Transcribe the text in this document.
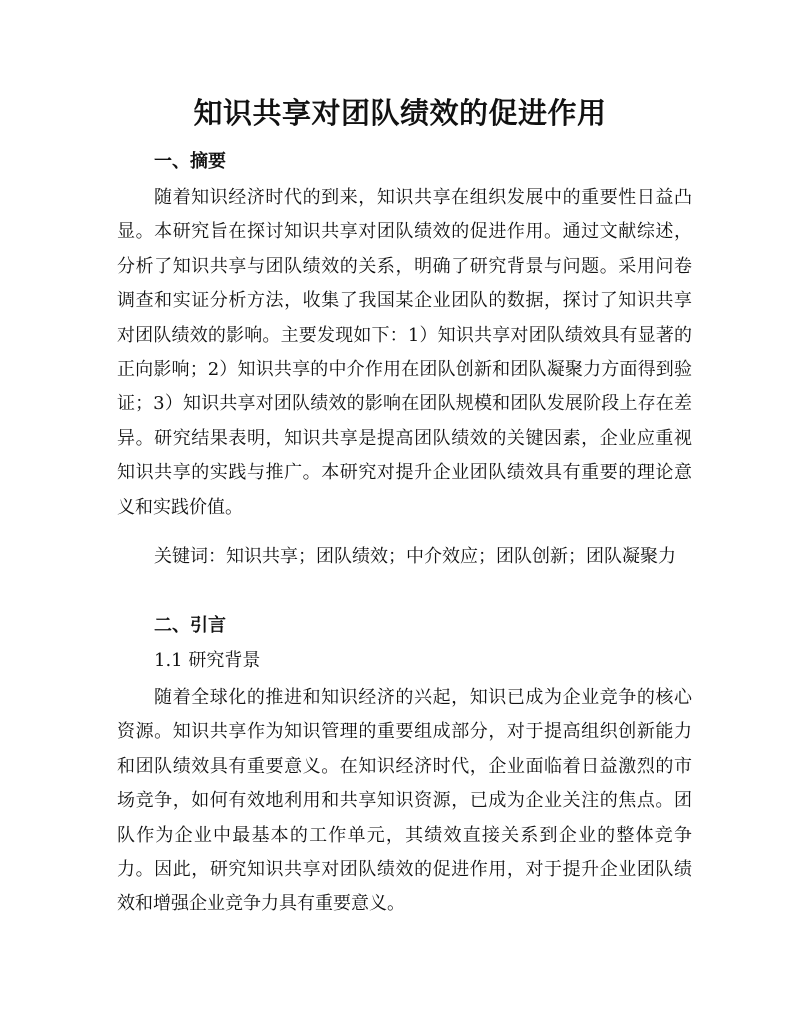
知识共享对团队绩效的促进作用
一、摘要

随着知识经济时代的到来，知识共享在组织发展中的重要性日益凸显。本研究旨在探讨知识共享对团队绩效的促进作用。通过文献综述，分析了知识共享与团队绩效的关系，明确了研究背景与问题。采用问卷调查和实证分析方法，收集了我国某企业团队的数据，探讨了知识共享对团队绩效的影响。主要发现如下：1）知识共享对团队绩效具有显著的正向影响；2）知识共享的中介作用在团队创新和团队凝聚力方面得到验证；3）知识共享对团队绩效的影响在团队规模和团队发展阶段上存在差异。研究结果表明，知识共享是提高团队绩效的关键因素，企业应重视知识共享的实践与推广。本研究对提升企业团队绩效具有重要的理论意义和实践价值。

关键词：知识共享；团队绩效；中介效应；团队创新；团队凝聚力

二、引言
1.1 研究背景

随着全球化的推进和知识经济的兴起，知识已成为企业竞争的核心资源。知识共享作为知识管理的重要组成部分，对于提高组织创新能力和团队绩效具有重要意义。在知识经济时代，企业面临着日益激烈的市场竞争，如何有效地利用和共享知识资源，已成为企业关注的焦点。团队作为企业中最基本的工作单元，其绩效直接关系到企业的整体竞争力。因此，研究知识共享对团队绩效的促进作用，对于提升企业团队绩效和增强企业竞争力具有重要意义。
